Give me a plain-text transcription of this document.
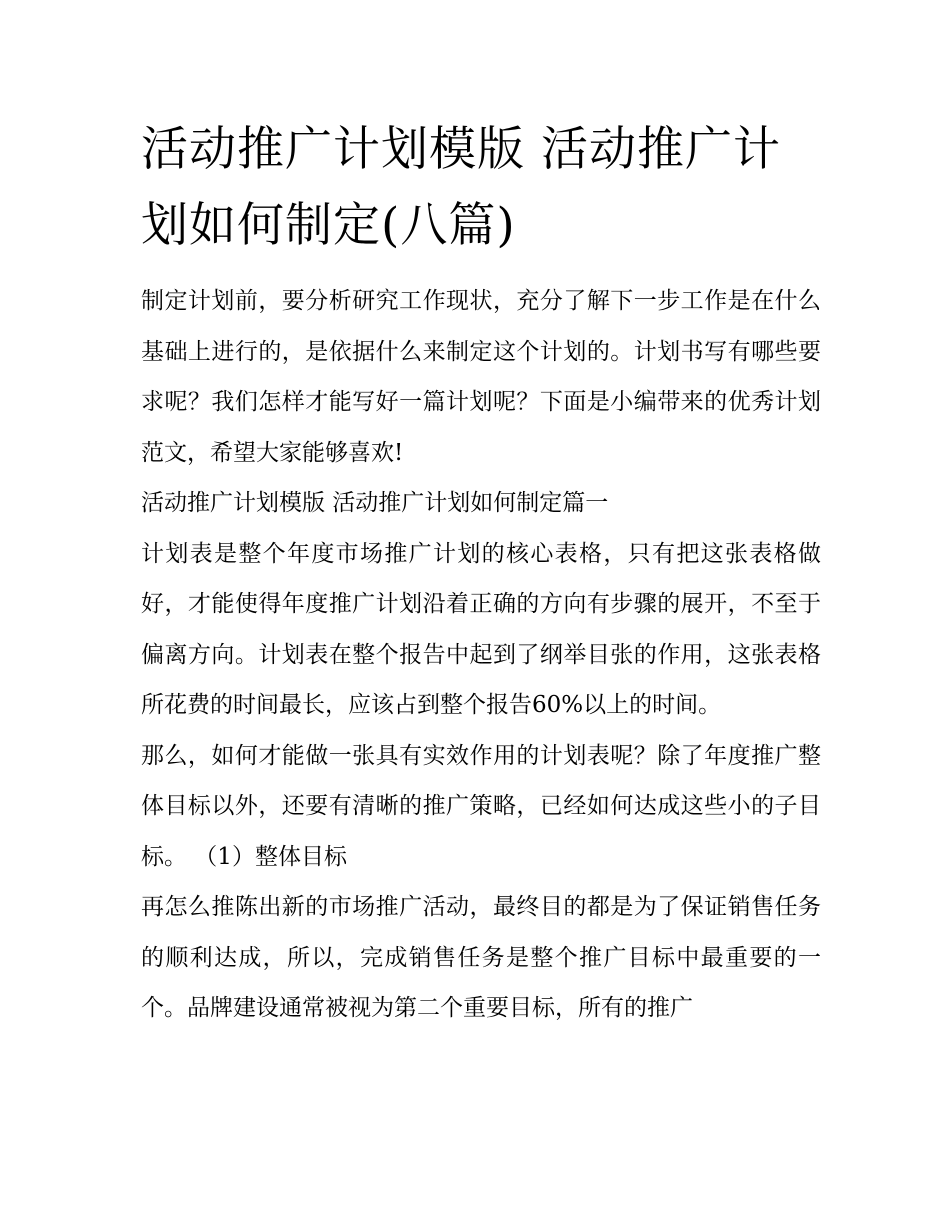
活动推广计划模版 活动推广计划如何制定(八篇)

制定计划前，要分析研究工作现状，充分了解下一步工作是在什么基础上进行的，是依据什么来制定这个计划的。计划书写有哪些要求呢？我们怎样才能写好一篇计划呢？下面是小编带来的优秀计划范文，希望大家能够喜欢!

活动推广计划模版 活动推广计划如何制定篇一

计划表是整个年度市场推广计划的核心表格，只有把这张表格做好，才能使得年度推广计划沿着正确的方向有步骤的展开，不至于偏离方向。计划表在整个报告中起到了纲举目张的作用，这张表格所花费的时间最长，应该占到整个报告60%以上的时间。

那么，如何才能做一张具有实效作用的计划表呢？除了年度推广整体目标以外，还要有清晰的推广策略，已经如何达成这些小的子目标。 （1）整体目标

再怎么推陈出新的市场推广活动，最终目的都是为了保证销售任务的顺利达成，所以，完成销售任务是整个推广目标中最重要的一个。品牌建设通常被视为第二个重要目标，所有的推广
